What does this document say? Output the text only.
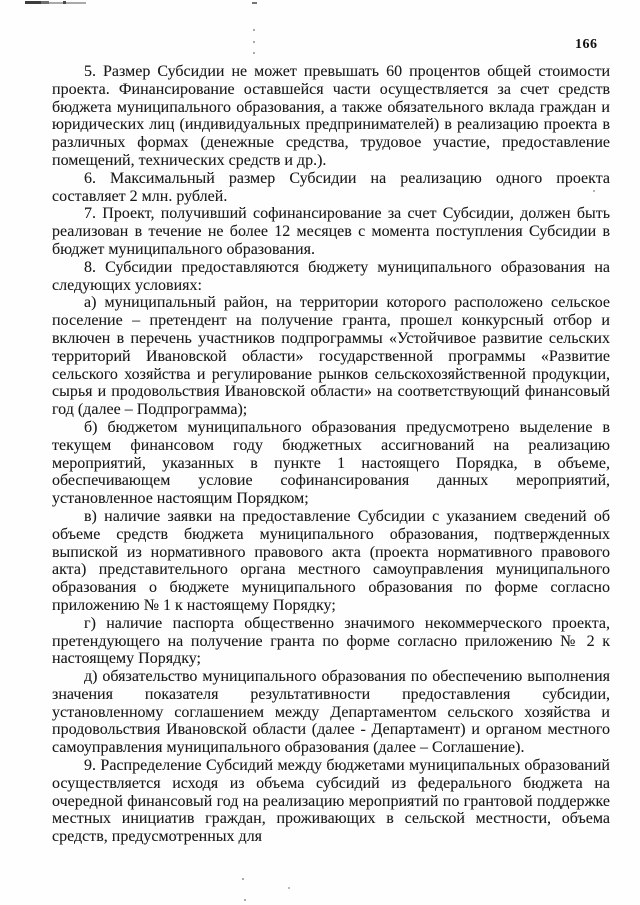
166

5. Размер Субсидии не может превышать 60 процентов общей стоимости проекта. Финансирование оставшейся части осуществляется за счет средств бюджета муниципального образования, а также обязательного вклада граждан и юридических лиц (индивидуальных предпринимателей) в реализацию проекта в различных формах (денежные средства, трудовое участие, предоставление помещений, технических средств и др.).

6. Максимальный размер Субсидии на реализацию одного проекта составляет 2 млн. рублей.

7. Проект, получивший софинансирование за счет Субсидии, должен быть реализован в течение не более 12 месяцев с момента поступления Субсидии в бюджет муниципального образования.

8. Субсидии предоставляются бюджету муниципального образования на следующих условиях:

а) муниципальный район, на территории которого расположено сельское поселение – претендент на получение гранта, прошел конкурсный отбор и включен в перечень участников подпрограммы «Устойчивое развитие сельских территорий Ивановской области» государственной программы «Развитие сельского хозяйства и регулирование рынков сельскохозяйственной продукции, сырья и продовольствия Ивановской области» на соответствующий финансовый год (далее – Подпрограмма);

б) бюджетом муниципального образования предусмотрено выделение в текущем финансовом году бюджетных ассигнований на реализацию мероприятий, указанных в пункте 1 настоящего Порядка, в объеме, обеспечивающем условие софинансирования данных мероприятий, установленное настоящим Порядком;

в) наличие заявки на предоставление Субсидии с указанием сведений об объеме средств бюджета муниципального образования, подтвержденных выпиской из нормативного правового акта (проекта нормативного правового акта) представительного органа местного самоуправления муниципального образования о бюджете муниципального образования по форме согласно приложению № 1 к настоящему Порядку;

г) наличие паспорта общественно значимого некоммерческого проекта, претендующего на получение гранта по форме согласно приложению № 2 к настоящему Порядку;

д) обязательство муниципального образования по обеспечению выполнения значения показателя результативности предоставления субсидии, установленному соглашением между Департаментом сельского хозяйства и продовольствия Ивановской области (далее - Департамент) и органом местного самоуправления муниципального образования (далее – Соглашение).

9. Распределение Субсидий между бюджетами муниципальных образований осуществляется исходя из объема субсидий из федерального бюджета на очередной финансовый год на реализацию мероприятий по грантовой поддержке местных инициатив граждан, проживающих в сельской местности, объема средств, предусмотренных для
